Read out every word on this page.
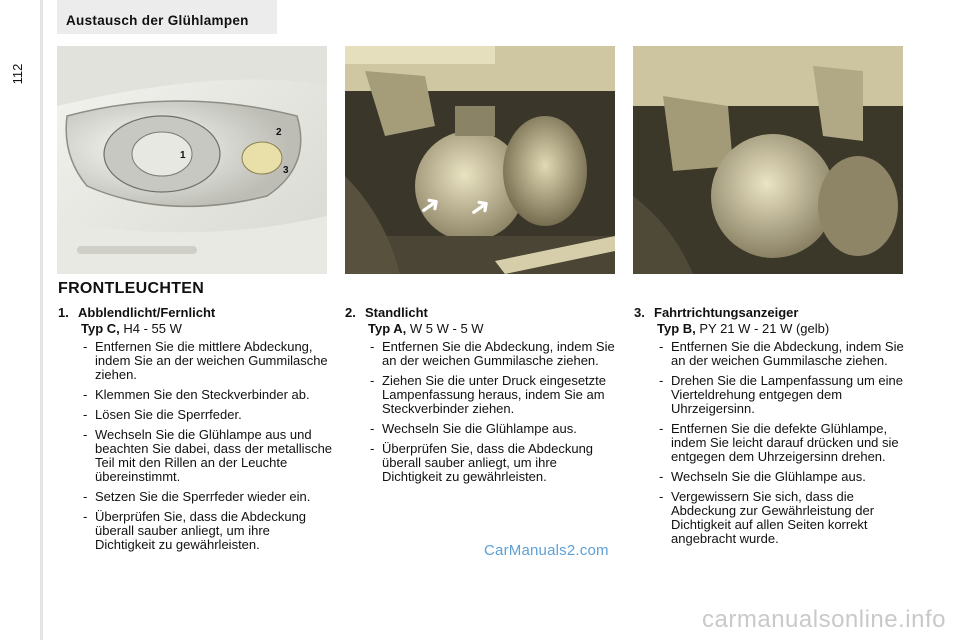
112
Austausch der Glühlampen
1
2
3
➜ ➜
FRONTLEUCHTEN
1. Abblendlicht/Fernlicht
Typ C, H4 - 55 W
- Entfernen Sie die mittlere Abdeckung, indem Sie an der weichen Gummilasche ziehen.
- Klemmen Sie den Steckverbinder ab.
- Lösen Sie die Sperrfeder.
- Wechseln Sie die Glühlampe aus und beachten Sie dabei, dass der metallische Teil mit den Rillen an der Leuchte übereinstimmt.
- Setzen Sie die Sperrfeder wieder ein.
- Überprüfen Sie, dass die Abdeckung überall sauber anliegt, um ihre Dichtigkeit zu gewährleisten.
2. Standlicht
Typ A, W 5 W - 5 W
- Entfernen Sie die Abdeckung, indem Sie an der weichen Gummilasche ziehen.
- Ziehen Sie die unter Druck eingesetzte Lampenfassung heraus, indem Sie am Steckverbinder ziehen.
- Wechseln Sie die Glühlampe aus.
- Überprüfen Sie, dass die Abdeckung überall sauber anliegt, um ihre Dichtigkeit zu gewährleisten.
3. Fahrtrichtungsanzeiger
Typ B, PY 21 W - 21 W (gelb)
- Entfernen Sie die Abdeckung, indem Sie an der weichen Gummilasche ziehen.
- Drehen Sie die Lampenfassung um eine Vierteldrehung entgegen dem Uhrzeigersinn.
- Entfernen Sie die defekte Glühlampe, indem Sie leicht darauf drücken und sie entgegen dem Uhrzeigersinn drehen.
- Wechseln Sie die Glühlampe aus.
- Vergewissern Sie sich, dass die Abdeckung zur Gewährleistung der Dichtigkeit auf allen Seiten korrekt angebracht wurde.
CarManuals2.com
carmanualsonline.info
